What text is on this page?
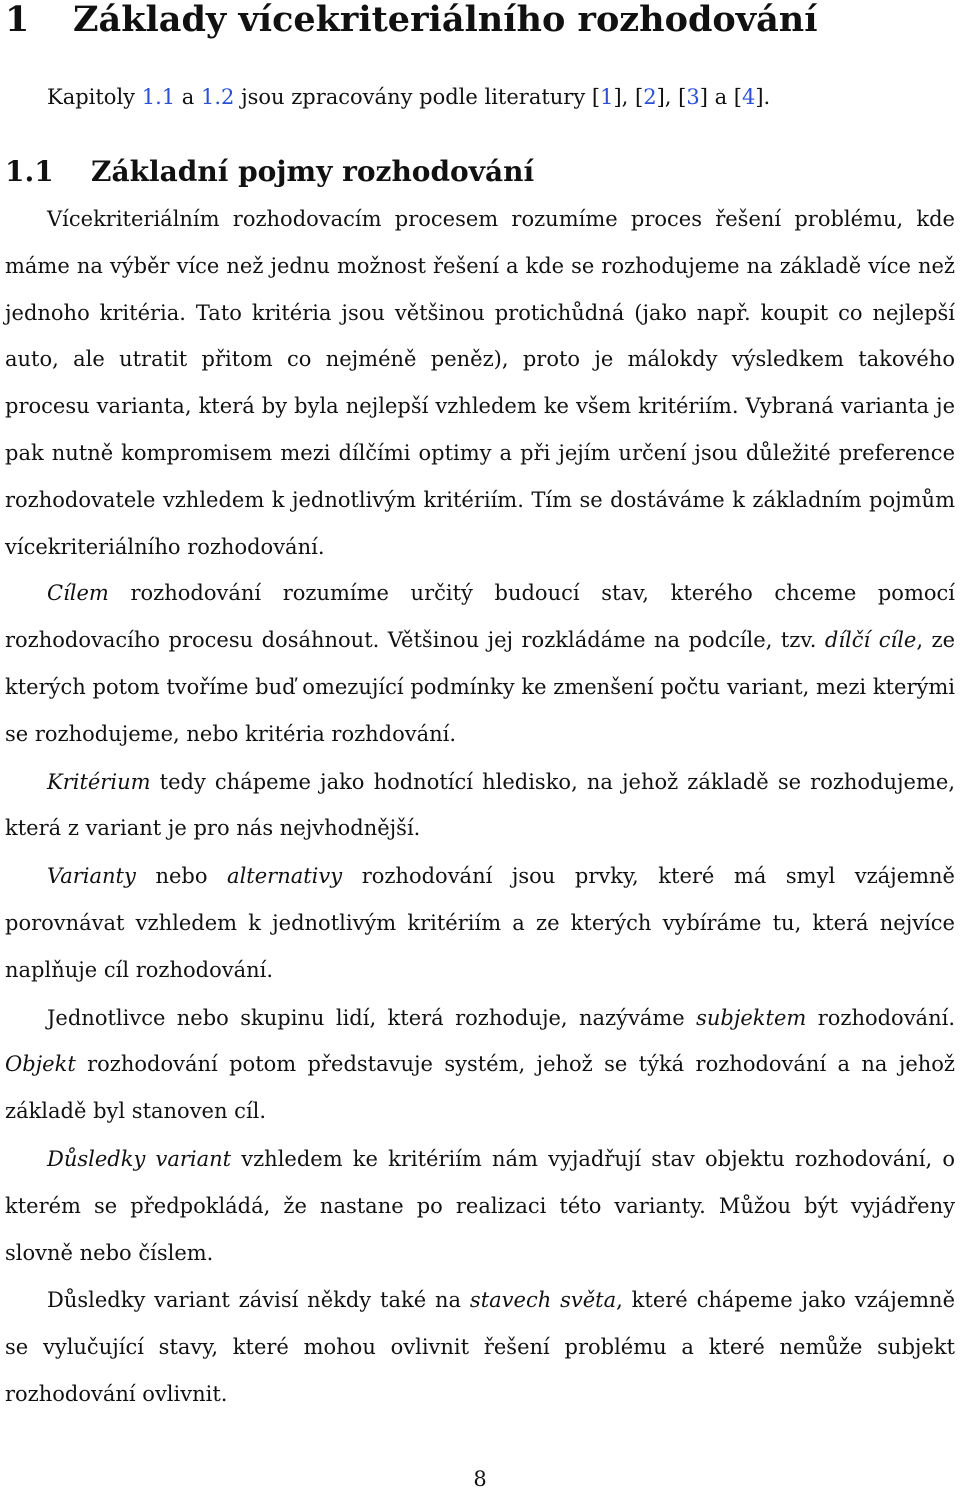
1 Základy vícekriteriálního rozhodování

Kapitoly 1.1 a 1.2 jsou zpracovány podle literatury [1], [2], [3] a [4].

1.1 Základní pojmy rozhodování

Vícekriteriálním rozhodovacím procesem rozumíme proces řešení problému, kde máme na výběr více než jednu možnost řešení a kde se rozhodujeme na základě více než jednoho kritéria. Tato kritéria jsou většinou protichůdná (jako např. koupit co nejlepší auto, ale utratit přitom co nejméně peněz), proto je málokdy výsledkem takového procesu varianta, která by byla nejlepší vzhledem ke všem kritériím. Vybraná varianta je pak nutně kompromisem mezi dílčími optimy a při jejím určení jsou důležité preference rozhodovatele vzhledem k jednotlivým kritériím. Tím se dostáváme k základním pojmům vícekriteriálního rozhodování.

Cílem rozhodování rozumíme určitý budoucí stav, kterého chceme pomocí rozhodovacího procesu dosáhnout. Většinou jej rozkládáme na podcíle, tzv. dílčí cíle, ze kterých potom tvoříme buď omezující podmínky ke zmenšení počtu variant, mezi kterými se rozhodujeme, nebo kritéria rozhdování.

Kritérium tedy chápeme jako hodnotící hledisko, na jehož základě se rozhodujeme, která z variant je pro nás nejvhodnější.

Varianty nebo alternativy rozhodování jsou prvky, které má smyl vzájemně porovnávat vzhledem k jednotlivým kritériím a ze kterých vybíráme tu, která nejvíce naplňuje cíl rozhodování.

Jednotlivce nebo skupinu lidí, která rozhoduje, nazýváme subjektem rozhodování. Objekt rozhodování potom představuje systém, jehož se týká rozhodování a na jehož základě byl stanoven cíl.

Důsledky variant vzhledem ke kritériím nám vyjadřují stav objektu rozhodování, o kterém se předpokládá, že nastane po realizaci této varianty. Můžou být vyjádřeny slovně nebo číslem.

Důsledky variant závisí někdy také na stavech světa, které chápeme jako vzájemně se vylučující stavy, které mohou ovlivnit řešení problému a které nemůže subjekt rozhodování ovlivnit.

8
